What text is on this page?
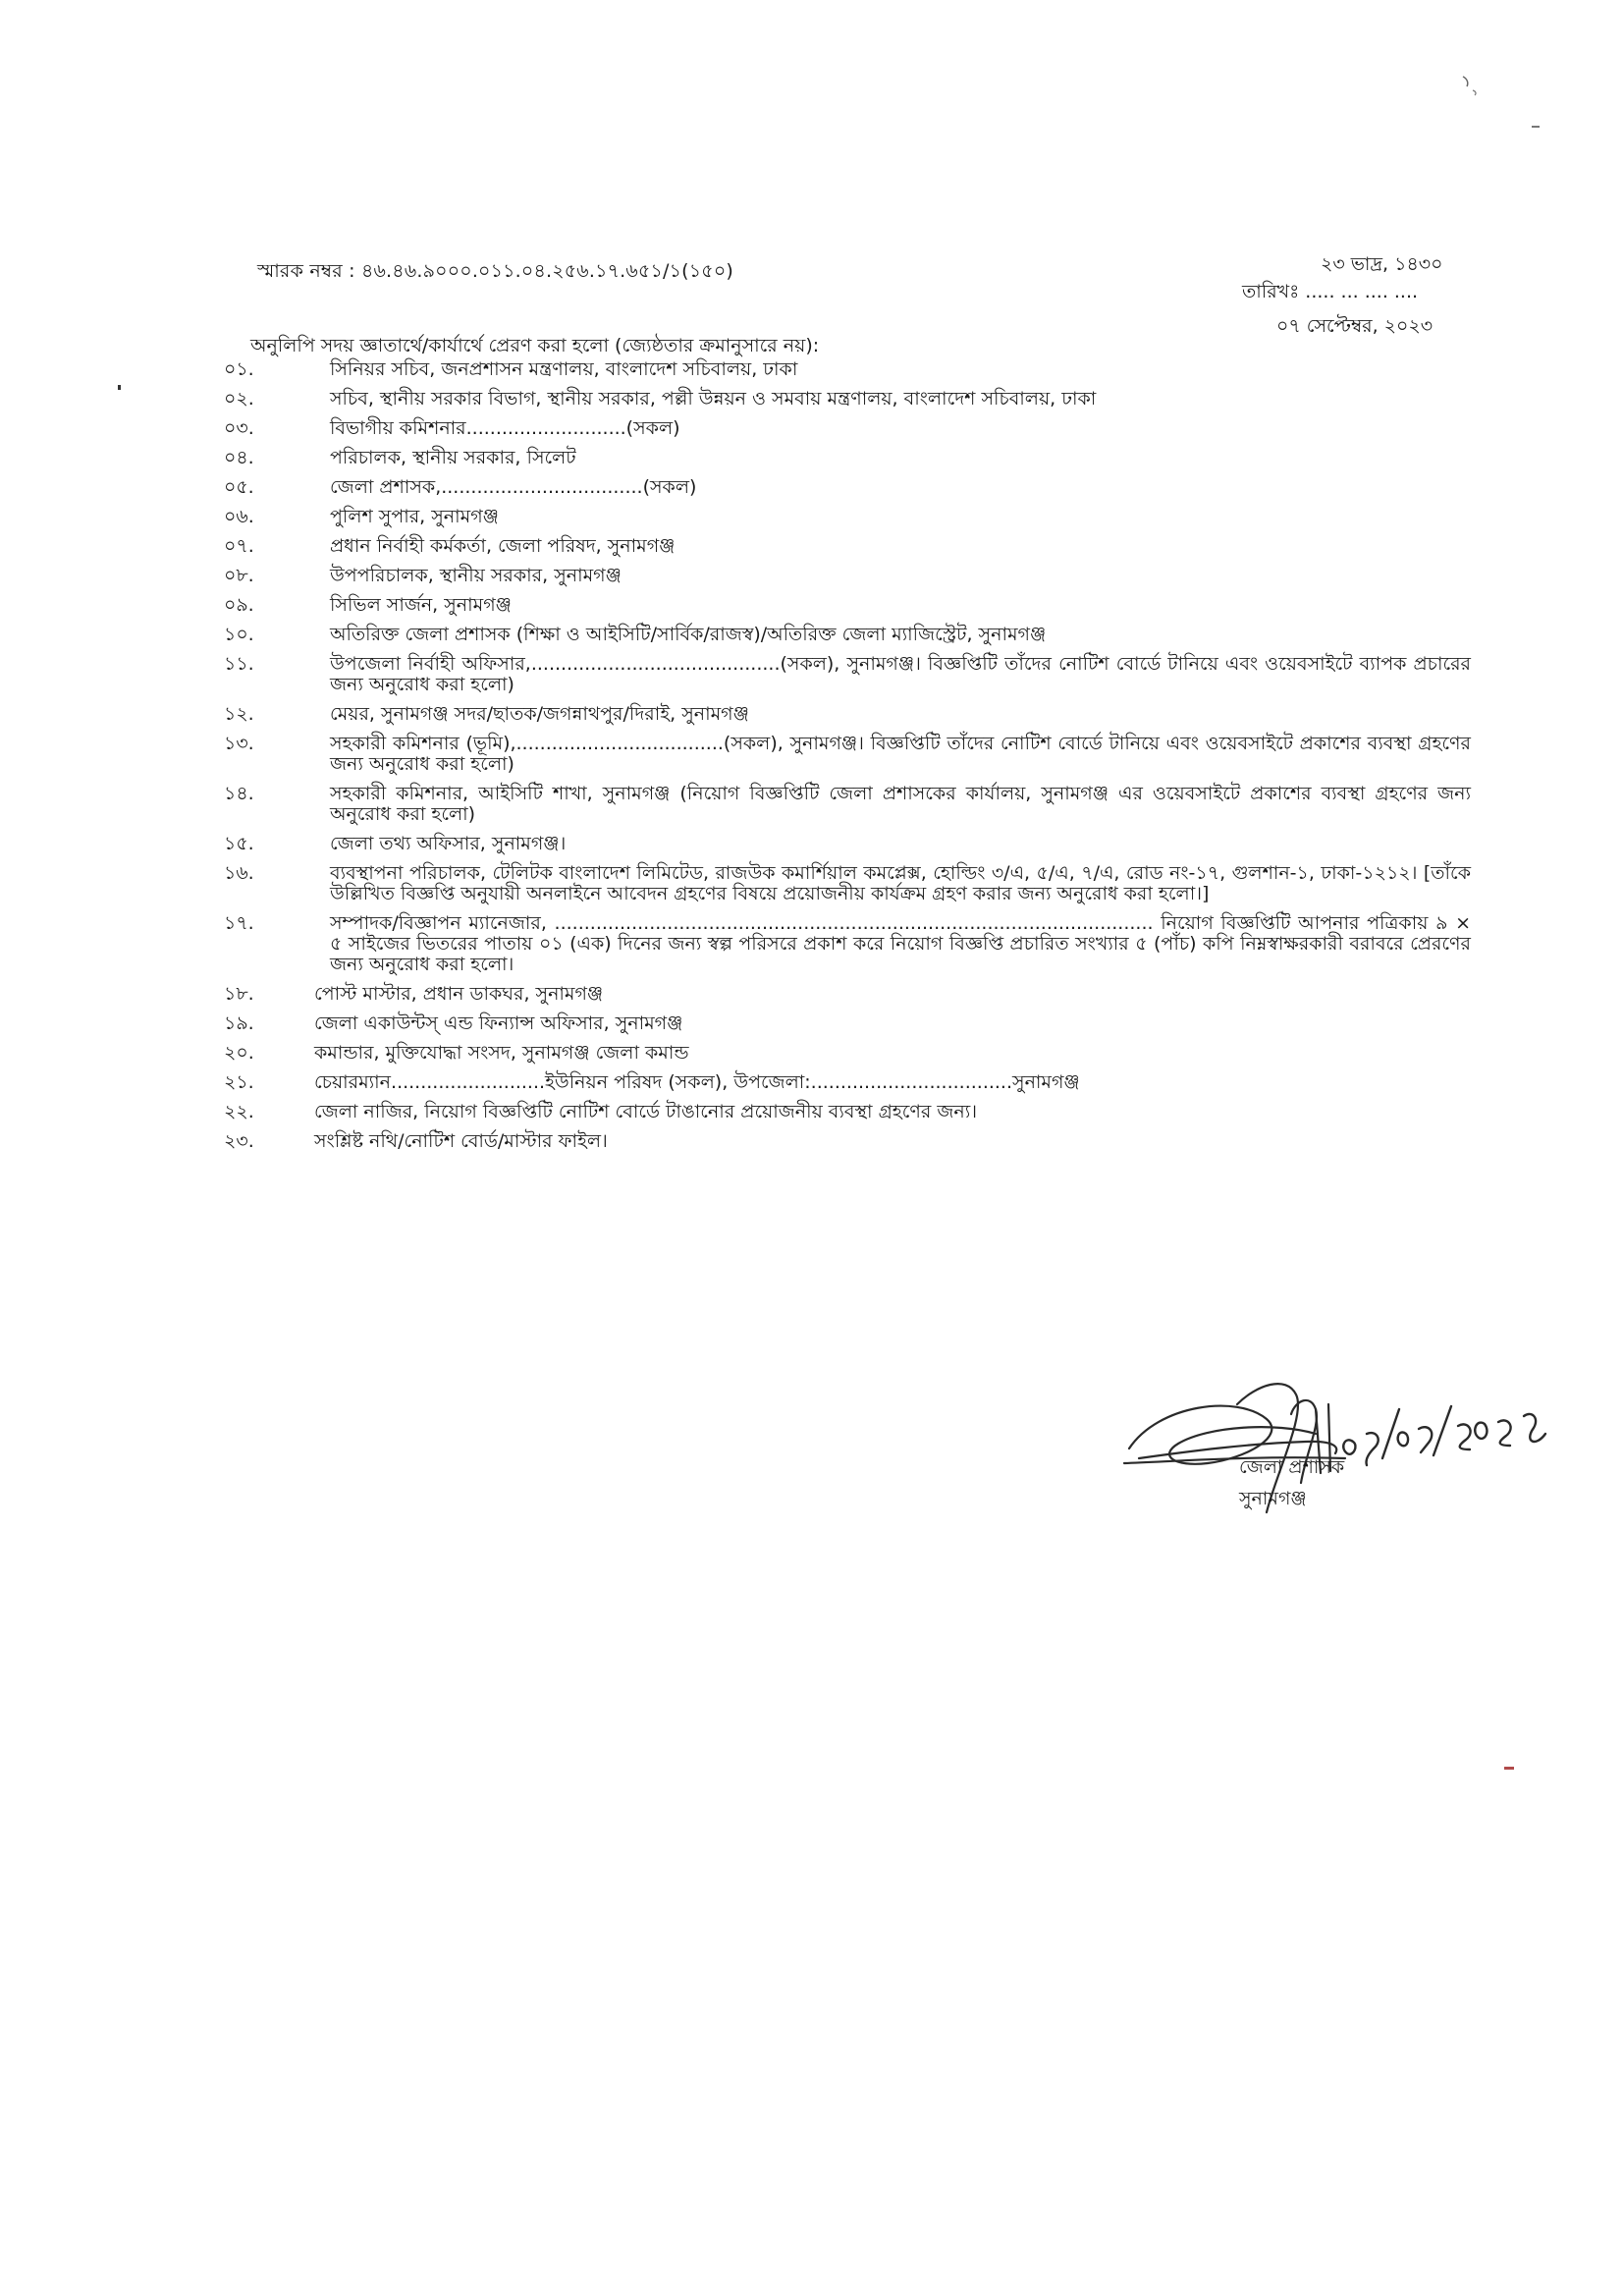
স্মারক নম্বর : ৪৬.৪৬.৯০০০.০১১.০৪.২৫৬.১৭.৬৫১/১(১৫০)	২৩ ভাদ্র, ১৪৩০
তারিখঃ ..... ... .... ....
০৭ সেপ্টেম্বর, ২০২৩
অনুলিপি সদয় জ্ঞাতার্থে/কার্যার্থে প্রেরণ করা হলো (জ্যেষ্ঠতার ক্রমানুসারে নয়):
০১.	সিনিয়র সচিব, জনপ্রশাসন মন্ত্রণালয়, বাংলাদেশ সচিবালয়, ঢাকা
০২.	সচিব, স্থানীয় সরকার বিভাগ, স্থানীয় সরকার, পল্লী উন্নয়ন ও সমবায় মন্ত্রণালয়, বাংলাদেশ সচিবালয়, ঢাকা
০৩.	বিভাগীয় কমিশনার...........................(সকল)
০৪.	পরিচালক, স্থানীয় সরকার, সিলেট
০৫.	জেলা প্রশাসক,..................................(সকল)
০৬.	পুলিশ সুপার, সুনামগঞ্জ
০৭.	প্রধান নির্বাহী কর্মকর্তা, জেলা পরিষদ, সুনামগঞ্জ
০৮.	উপপরিচালক, স্থানীয় সরকার, সুনামগঞ্জ
০৯.	সিভিল সার্জন, সুনামগঞ্জ
১০.	অতিরিক্ত জেলা প্রশাসক (শিক্ষা ও আইসিটি/সার্বিক/রাজস্ব)/অতিরিক্ত জেলা ম্যাজিস্ট্রেট, সুনামগঞ্জ
১১.	উপজেলা নির্বাহী অফিসার,..........................................(সকল), সুনামগঞ্জ। বিজ্ঞপ্তিটি তাঁদের নোটিশ বোর্ডে টানিয়ে এবং ওয়েবসাইটে ব্যাপক প্রচারের জন্য অনুরোধ করা হলো)
১২.	মেয়র, সুনামগঞ্জ সদর/ছাতক/জগন্নাথপুর/দিরাই, সুনামগঞ্জ
১৩.	সহকারী কমিশনার (ভূমি),...................................(সকল), সুনামগঞ্জ। বিজ্ঞপ্তিটি তাঁদের নোটিশ বোর্ডে টানিয়ে এবং ওয়েবসাইটে প্রকাশের ব্যবস্থা গ্রহণের জন্য অনুরোধ করা হলো)
১৪.	সহকারী কমিশনার, আইসিটি শাখা, সুনামগঞ্জ (নিয়োগ বিজ্ঞপ্তিটি জেলা প্রশাসকের কার্যালয়, সুনামগঞ্জ এর ওয়েবসাইটে প্রকাশের ব্যবস্থা গ্রহণের জন্য অনুরোধ করা হলো)
১৫.	জেলা তথ্য অফিসার, সুনামগঞ্জ।
১৬.	ব্যবস্থাপনা পরিচালক, টেলিটক বাংলাদেশ লিমিটেড, রাজউক কমার্শিয়াল কমপ্লেক্স, হোল্ডিং ৩/এ, ৫/এ, ৭/এ, রোড নং-১৭, গুলশান-১, ঢাকা-১২১২। [তাঁকে উল্লিখিত বিজ্ঞপ্তি অনুযায়ী অনলাইনে আবেদন গ্রহণের বিষয়ে প্রয়োজনীয় কার্যক্রম গ্রহণ করার জন্য অনুরোধ করা হলো।]
১৭.	সম্পাদক/বিজ্ঞাপন ম্যানেজার, ..................................................................................................... নিয়োগ বিজ্ঞপ্তিটি আপনার পত্রিকায় ৯ × ৫ সাইজের ভিতরের পাতায় ০১ (এক) দিনের জন্য স্বল্প পরিসরে প্রকাশ করে নিয়োগ বিজ্ঞপ্তি প্রচারিত সংখ্যার ৫ (পাঁচ) কপি নিম্নস্বাক্ষরকারী বরাবরে প্রেরণের জন্য অনুরোধ করা হলো।
১৮.	পোস্ট মাস্টার, প্রধান ডাকঘর, সুনামগঞ্জ
১৯.	জেলা একাউন্টস্ এন্ড ফিন্যান্স অফিসার, সুনামগঞ্জ
২০.	কমান্ডার, মুক্তিযোদ্ধা সংসদ, সুনামগঞ্জ জেলা কমান্ড
২১.	চেয়ারম্যান..........................ইউনিয়ন পরিষদ (সকল), উপজেলা:..................................সুনামগঞ্জ
২২.	জেলা নাজির, নিয়োগ বিজ্ঞপ্তিটি নোটিশ বোর্ডে টাঙানোর প্রয়োজনীয় ব্যবস্থা গ্রহণের জন্য।
২৩.	সংশ্লিষ্ট নথি/নোটিশ বোর্ড/মাস্টার ফাইল।
জেলা প্রশাসক
সুনামগঞ্জ
